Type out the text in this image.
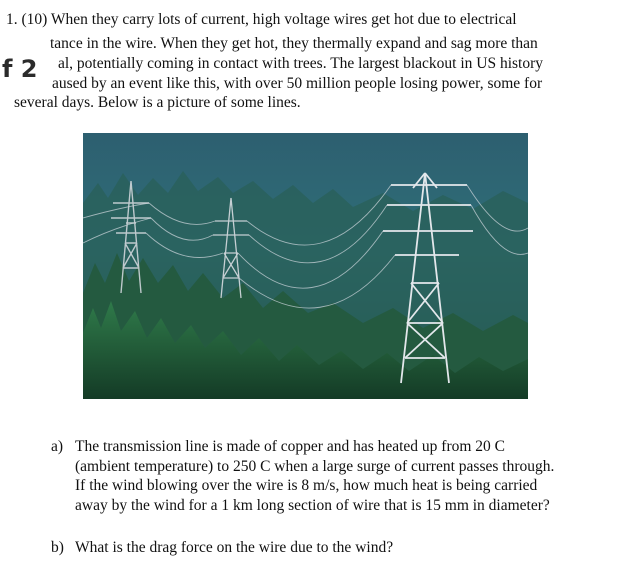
1. (10) When they carry lots of current, high voltage wires get hot due to electrical
tance in the wire. When they get hot, they thermally expand and sag more than
al, potentially coming in contact with trees. The largest blackout in US history
aused by an event like this, with over 50 million people losing power, some for
several days. Below is a picture of some lines.
f 2
a) The transmission line is made of copper and has heated up from 20 C
(ambient temperature) to 250 C when a large surge of current passes through.
If the wind blowing over the wire is 8 m/s, how much heat is being carried
away by the wind for a 1 km long section of wire that is 15 mm in diameter?
b) What is the drag force on the wire due to the wind?
